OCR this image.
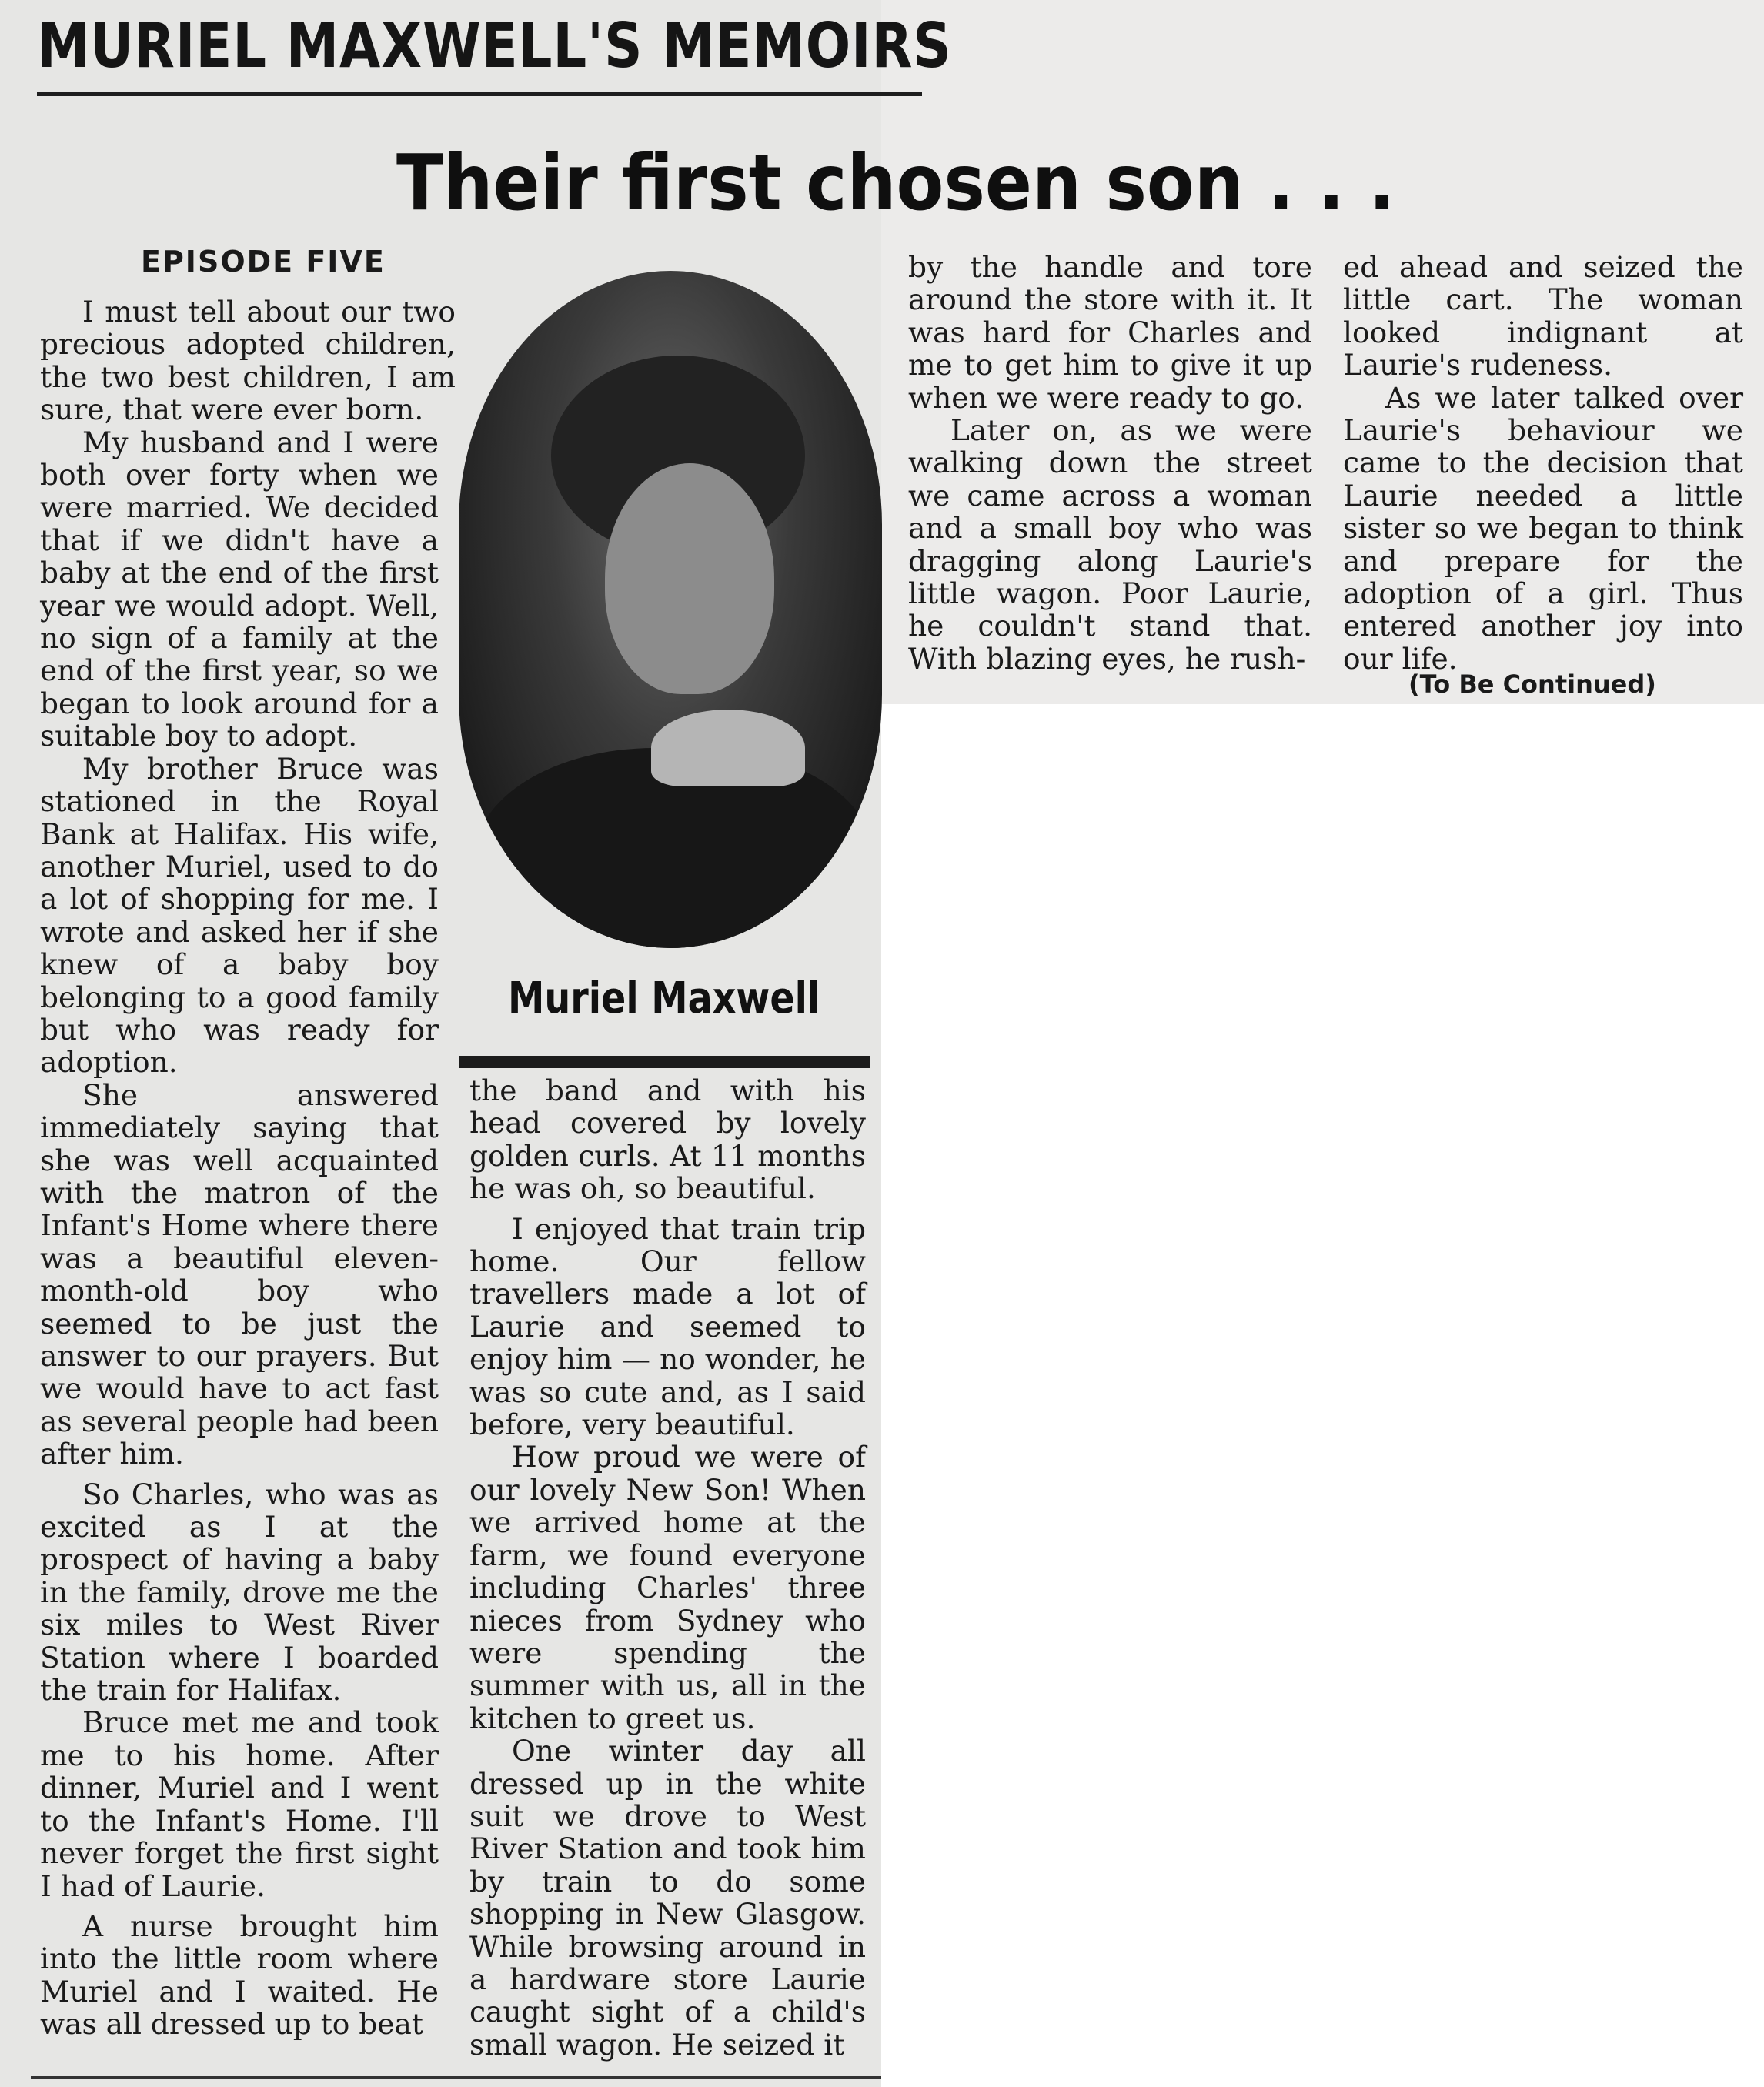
MURIEL MAXWELL'S MEMOIRS
Their first chosen son . . .
EPISODE FIVE
Muriel Maxwell

I must tell about our two precious adopted children, the two best children, I am sure, that were ever born.

My husband and I were both over forty when we were married. We decided that if we didn't have a baby at the end of the first year we would adopt. Well, no sign of a family at the end of the first year, so we began to look around for a suitable boy to adopt.

My brother Bruce was stationed in the Royal Bank at Halifax. His wife, another Muriel, used to do a lot of shopping for me. I wrote and asked her if she knew of a baby boy belonging to a good family but who was ready for adoption.

She answered immediately saying that she was well acquainted with the matron of the Infant's Home where there was a beautiful eleven-month-old boy who seemed to be just the answer to our prayers. But we would have to act fast as several people had been after him.

So Charles, who was as excited as I at the prospect of having a baby in the family, drove me the six miles to West River Station where I boarded the train for Halifax.

Bruce met me and took me to his home. After dinner, Muriel and I went to the Infant's Home. I'll never forget the first sight I had of Laurie.

A nurse brought him into the little room where Muriel and I waited. He was all dressed up to beat

the band and with his head covered by lovely golden curls. At 11 months he was oh, so beautiful.

I enjoyed that train trip home. Our fellow travellers made a lot of Laurie and seemed to enjoy him — no wonder, he was so cute and, as I said before, very beautiful.

How proud we were of our lovely New Son! When we arrived home at the farm, we found everyone including Charles' three nieces from Sydney who were spending the summer with us, all in the kitchen to greet us.

One winter day all dressed up in the white suit we drove to West River Station and took him by train to do some shopping in New Glasgow. While browsing around in a hardware store Laurie caught sight of a child's small wagon. He seized it

by the handle and tore around the store with it. It was hard for Charles and me to get him to give it up when we were ready to go.

Later on, as we were walking down the street we came across a woman and a small boy who was dragging along Laurie's little wagon. Poor Laurie, he couldn't stand that. With blazing eyes, he rush-

ed ahead and seized the little cart. The woman looked indignant at Laurie's rudeness.

As we later talked over Laurie's behaviour we came to the decision that Laurie needed a little sister so we began to think and prepare for the adoption of a girl. Thus entered another joy into our life.

(To Be Continued)
